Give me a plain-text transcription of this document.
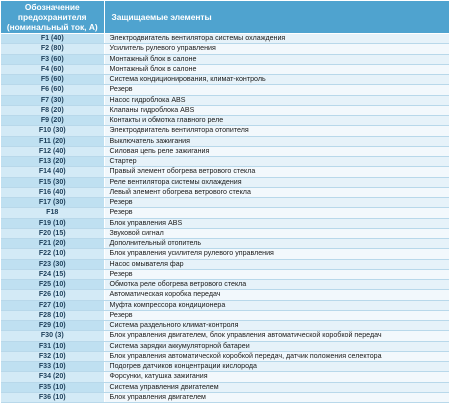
Обозначение
предохранителя
(номинальный ток, А)	Защищаемые элементы
F1 (40)	Электродвигатель вентилятора системы охлаждения
F2 (80)	Усилитель рулевого управления
F3 (60)	Монтажный блок в салоне
F4 (60)	Монтажный блок в салоне
F5 (60)	Система кондиционирования, климат-контроль
F6 (60)	Резерв
F7 (30)	Насос гидроблока ABS
F8 (20)	Клапаны гидроблока ABS
F9 (20)	Контакты и обмотка главного реле
F10 (30)	Электродвигатель вентилятора отопителя
F11 (20)	Выключатель зажигания
F12 (40)	Силовая цепь реле зажигания
F13 (20)	Стартер
F14 (40)	Правый элемент обогрева ветрового стекла
F15 (30)	Реле вентилятора системы охлаждения
F16 (40)	Левый элемент обогрева ветрового стекла
F17 (30)	Резерв
F18	Резерв
F19 (10)	Блок управления ABS
F20 (15)	Звуковой сигнал
F21 (20)	Дополнительный отопитель
F22 (10)	Блок управления усилителя рулевого управления
F23 (30)	Насос омывателя фар
F24 (15)	Резерв
F25 (10)	Обмотка реле обогрева ветрового стекла
F26 (10)	Автоматическая коробка передач
F27 (10)	Муфта компрессора кондиционера
F28 (10)	Резерв
F29 (10)	Система раздельного климат-контроля
F30 (3)	Блок управления двигателем, блок управления автоматической коробкой передач
F31 (10)	Система зарядки аккумуляторной батареи
F32 (10)	Блок управления автоматической коробкой передач, датчик положения селектора
F33 (10)	Подогрев датчиков концентрации кислорода
F34 (20)	Форсунки, катушка зажигания
F35 (10)	Система управления двигателем
F36 (10)	Блок управления двигателем
